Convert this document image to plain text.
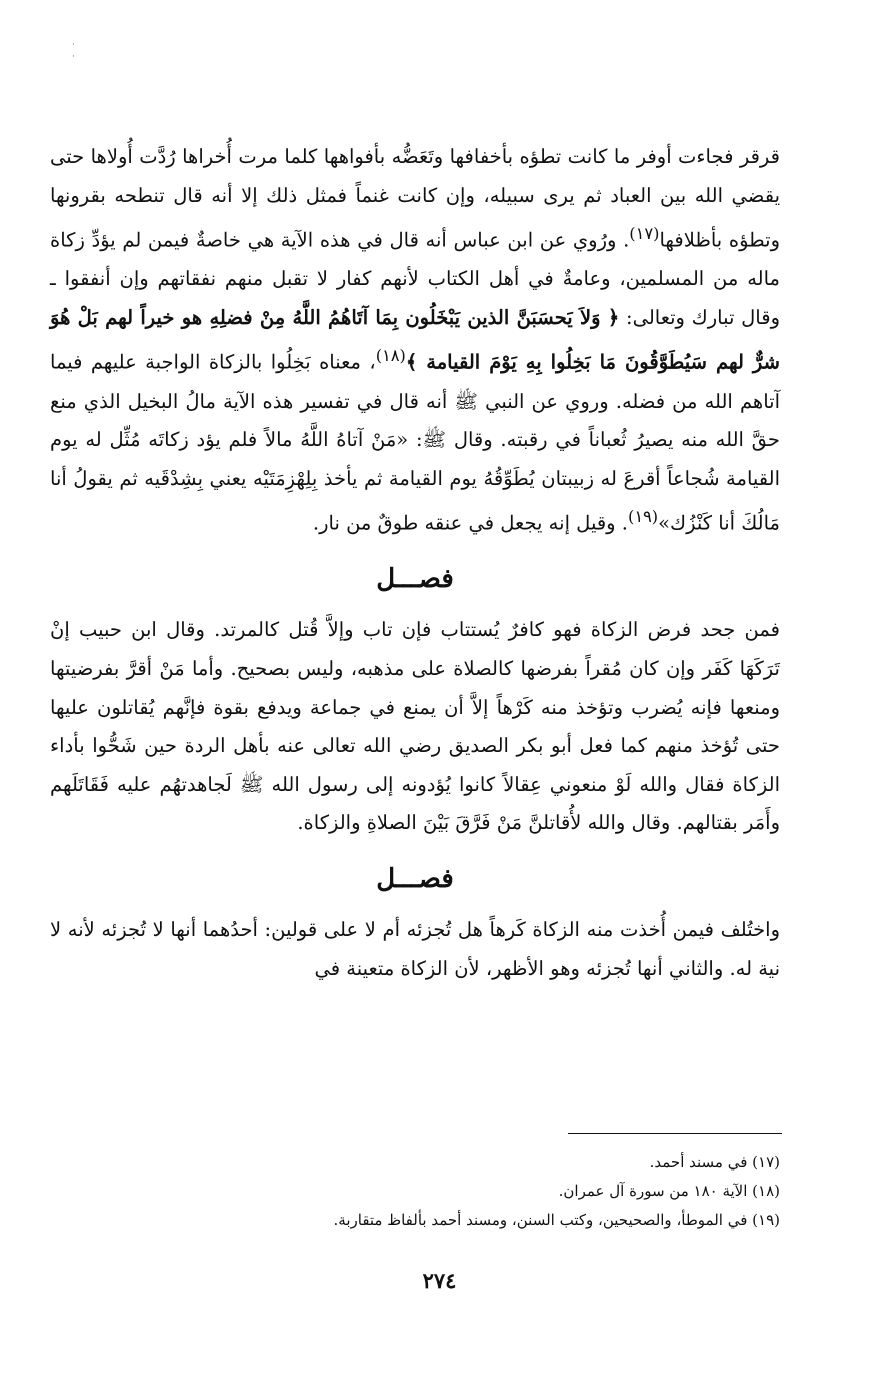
·
·

قرقر فجاءت أوفر ما كانت تطؤه بأخفافها وتَعَضُّه بأفواهها كلما مرت أُخراها رُدَّت أُولاها حتى يقضي الله بين العباد ثم يرى سبيله، وإن كانت غنماً فمثل ذلك إلا أنه قال تنطحه بقرونها وتطؤه بأظلافها$^{(١٧)}$. ورُوي عن ابن عباس أنه قال في هذه الآية هي خاصةٌ فيمن لم يؤدِّ زكاة ماله من المسلمين، وعامةٌ في أهل الكتاب لأنهم كفار لا تقبل منهم نفقاتهم وإن أنفقوا ـ وقال تبارك وتعالى: ﴿ وَلاَ يَحسَبَنَّ الذين يَبْخَلُون بِمَا آتَاهُمُ اللَّهُ مِنْ فضلِهِ هو خيراً لهم بَلْ هُوَ شرٌّ لهم سَيُطَوَّقُونَ مَا بَخِلُوا بِهِ يَوْمَ القيامة ﴾$^{(١٨)}$، معناه بَخِلُوا بالزكاة الواجبة عليهم فيما آتاهم الله من فضله. وروي عن النبي ﷺ أنه قال في تفسير هذه الآية مالُ البخيل الذي منع حقَّ الله منه يصيرُ ثُعباناً في رقبته. وقال ﷺ: «مَنْ آتاهُ اللَّهُ مالاً فلم يؤد زكاتَه مُثِّل له يوم القيامة شُجاعاً أقرعَ له زبيبتان يُطَوِّقُهُ يوم القيامة ثم يأخذ بِلِهْزِمَتَيْه يعني بِشِدْقَيه ثم يقولُ أنا مَالُكَ أنا كَنْزُك»$^{(١٩)}$. وقيل إنه يجعل في عنقه طوقٌ من نار.

فصـــل

فمن جحد فرض الزكاة فهو كافرٌ يُستتاب فإن تاب وإلاَّ قُتل كالمرتد. وقال ابن حبيب إنْ تَرَكَهَا كَفَر وإن كان مُقراً بفرضها كالصلاة على مذهبه، وليس بصحيح. وأما مَنْ أقرَّ بفرضيتها ومنعها فإنه يُضرب وتؤخذ منه كَرْهاً إلاَّ أن يمنع في جماعة ويدفع بقوة فإنَّهم يُقاتلون عليها حتى تُؤخذ منهم كما فعل أبو بكر الصديق رضي الله تعالى عنه بأهل الردة حين شَحُّوا بأداء الزكاة فقال والله لَوْ منعوني عِقالاً كانوا يُؤدونه إلى رسول الله ﷺ لَجاهدتهُم عليه فَقَاتَلَهم وأَمَر بقتالهم. وقال والله لأُقاتلنَّ مَنْ فَرَّقَ بَيْنَ الصلاةِ والزكاة.

فصـــل

واختُلف فيمن أُخذت منه الزكاة كَرهاً هل تُجزئه أم لا على قولين: أحدُهما أنها لا تُجزئه لأنه لا نية له. والثاني أنها تُجزئه وهو الأظهر، لأن الزكاة متعينة في

(١٧) في مسند أحمد.
(١٨) الآية ١٨٠ من سورة آل عمران.
(١٩) في الموطأ، والصحيحين، وكتب السنن، ومسند أحمد بألفاظ متقاربة.
٢٧٤
